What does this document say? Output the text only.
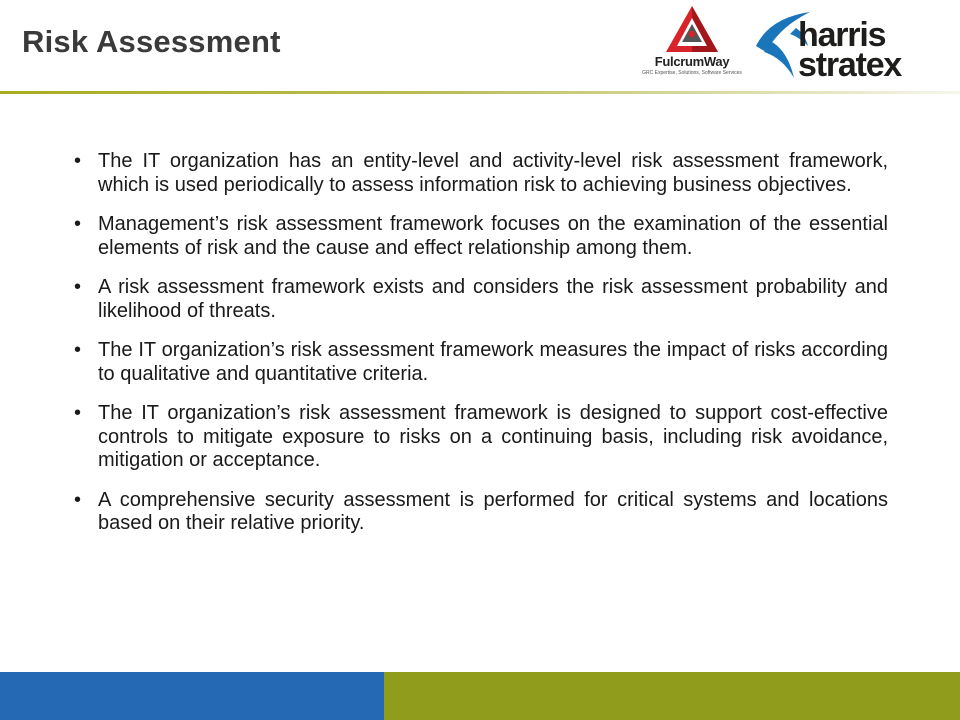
Risk Assessment
FulcrumWay
GRC Expertise, Solutions, Software Services
harris
stratex
• The IT organization has an entity-level and activity-level risk assessment framework, which is used periodically to assess information risk to achieving business objectives.
• Management’s risk assessment framework focuses on the examination of the essential elements of risk and the cause and effect relationship among them.
• A risk assessment framework exists and considers the risk assessment probability and likelihood of threats.
• The IT organization’s risk assessment framework measures the impact of risks according to qualitative and quantitative criteria.
• The IT organization’s risk assessment framework is designed to support cost-effective controls to mitigate exposure to risks on a continuing basis, including risk avoidance, mitigation or acceptance.
• A comprehensive security assessment is performed for critical systems and locations based on their relative priority.
